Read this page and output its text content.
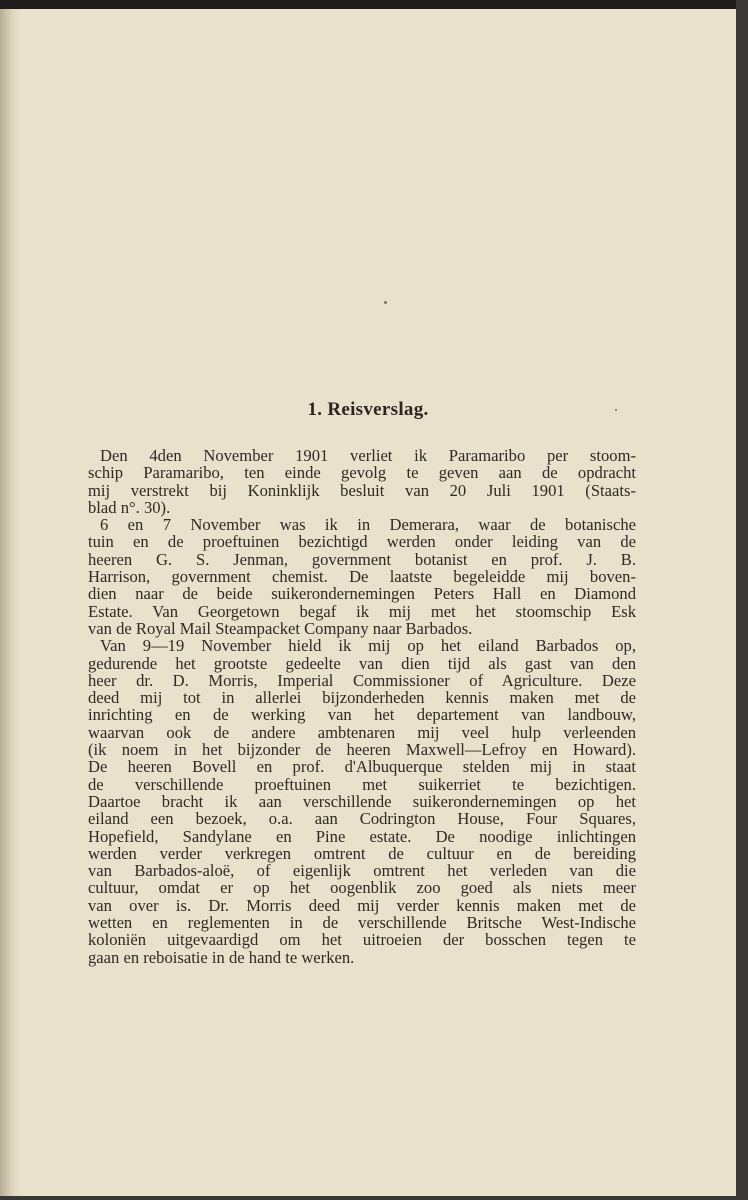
1. Reisverslag.
Den 4den November 1901 verliet ik Paramaribo per stoom-
schip Paramaribo, ten einde gevolg te geven aan de opdracht
mij verstrekt bij Koninklijk besluit van 20 Juli 1901 (Staats-
blad n°. 30).
6 en 7 November was ik in Demerara, waar de botanische
tuin en de proeftuinen bezichtigd werden onder leiding van de
heeren G. S. Jenman, government botanist en prof. J. B.
Harrison, government chemist. De laatste begeleidde mij boven-
dien naar de beide suikerondernemingen Peters Hall en Diamond
Estate. Van Georgetown begaf ik mij met het stoomschip Esk
van de Royal Mail Steampacket Company naar Barbados.
Van 9—19 November hield ik mij op het eiland Barbados op,
gedurende het grootste gedeelte van dien tijd als gast van den
heer dr. D. Morris, Imperial Commissioner of Agriculture. Deze
deed mij tot in allerlei bijzonderheden kennis maken met de
inrichting en de werking van het departement van landbouw,
waarvan ook de andere ambtenaren mij veel hulp verleenden
(ik noem in het bijzonder de heeren Maxwell—Lefroy en Howard).
De heeren Bovell en prof. d'Albuquerque stelden mij in staat
de verschillende proeftuinen met suikerriet te bezichtigen.
Daartoe bracht ik aan verschillende suikerondernemingen op het
eiland een bezoek, o.a. aan Codrington House, Four Squares,
Hopefield, Sandylane en Pine estate. De noodige inlichtingen
werden verder verkregen omtrent de cultuur en de bereiding
van Barbados-aloë, of eigenlijk omtrent het verleden van die
cultuur, omdat er op het oogenblik zoo goed als niets meer
van over is. Dr. Morris deed mij verder kennis maken met de
wetten en reglementen in de verschillende Britsche West-Indische
koloniën uitgevaardigd om het uitroeien der bosschen tegen te
gaan en reboisatie in de hand te werken.
